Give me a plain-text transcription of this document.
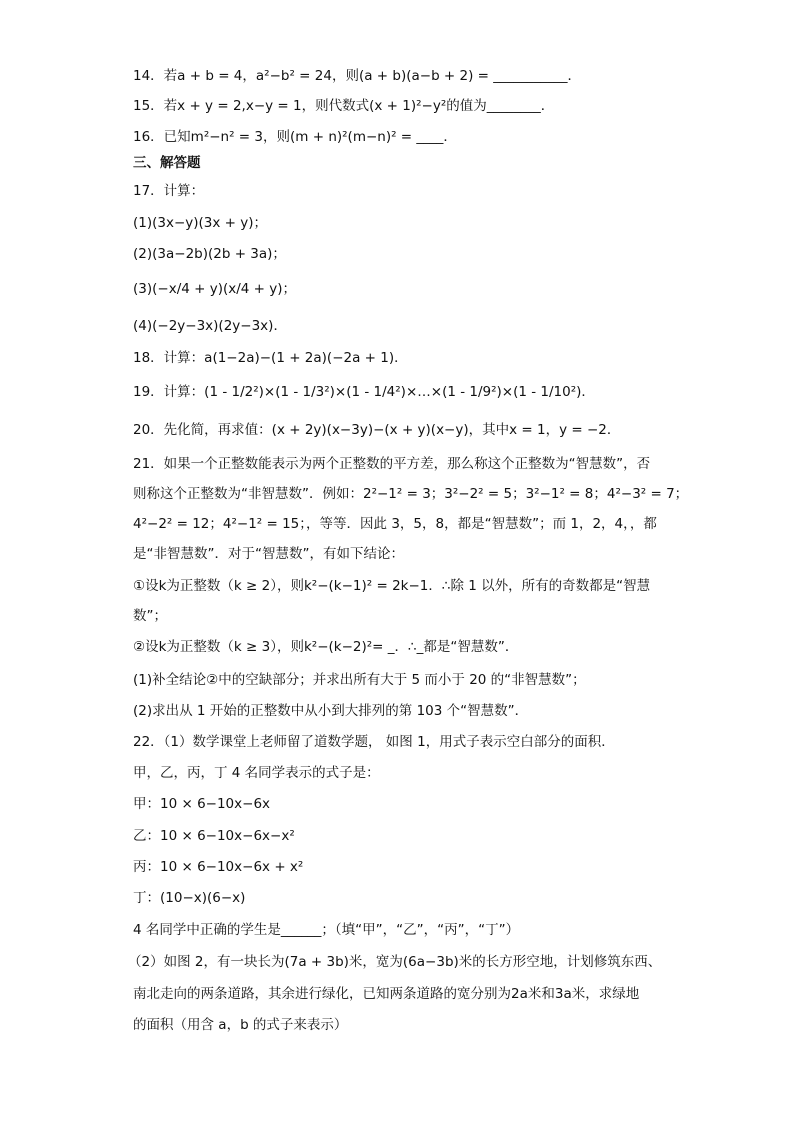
14．若a + b = 4，a²−b² = 24，则(a + b)(a−b + 2) = ___________．
15．若x + y = 2,x−y = 1，则代数式(x + 1)²−y²的值为________．
16．已知m²−n² = 3，则(m + n)²(m−n)² = ____．
三、解答题
17．计算：
(1)(3x−y)(3x + y)；
(2)(3a−2b)(2b + 3a)；
(3)(−x/4 + y)(x/4 + y)；
(4)(−2y−3x)(2y−3x)．
18．计算：a(1−2a)−(1 + 2a)(−2a + 1)．
19．计算：(1 - 1/2²)×(1 - 1/3²)×(1 - 1/4²)×…×(1 - 1/9²)×(1 - 1/10²)．
20．先化简，再求值：(x + 2y)(x−3y)−(x + y)(x−y)，其中x = 1，y = −2．
21．如果一个正整数能表示为两个正整数的平方差，那么称这个正整数为“智慧数”，否
则称这个正整数为“非智慧数”．例如：2²−1² = 3；3²−2² = 5；3²−1² = 8；4²−3² = 7；
4²−2² = 12；4²−1² = 15；，等等．因此 3，5，8，都是“智慧数”；而 1，2，4，，都
是“非智慧数”．对于“智慧数”，有如下结论：
①设k为正整数（k ≥ 2），则k²−(k−1)² = 2k−1．∴除 1 以外，所有的奇数都是“智慧
数”；
②设k为正整数（k ≥ 3），则k²−(k−2)²= _．∴_都是“智慧数”．
(1)补全结论②中的空缺部分；并求出所有大于 5 而小于 20 的“非智慧数”；
(2)求出从 1 开始的正整数中从小到大排列的第 103 个“智慧数”．
22．（1）数学课堂上老师留了道数学题， 如图 1，用式子表示空白部分的面积．
甲，乙，丙，丁 4 名同学表示的式子是：
甲：10 × 6−10x−6x
乙：10 × 6−10x−6x−x²
丙：10 × 6−10x−6x + x²
丁：(10−x)(6−x)
4 名同学中正确的学生是______；（填“甲”，“乙”，“丙”，“丁”）
（2）如图 2，有一块长为(7a + 3b)米，宽为(6a−3b)米的长方形空地，计划修筑东西、
南北走向的两条道路，其余进行绿化，已知两条道路的宽分别为2a米和3a米，求绿地
的面积（用含 a，b 的式子来表示）
